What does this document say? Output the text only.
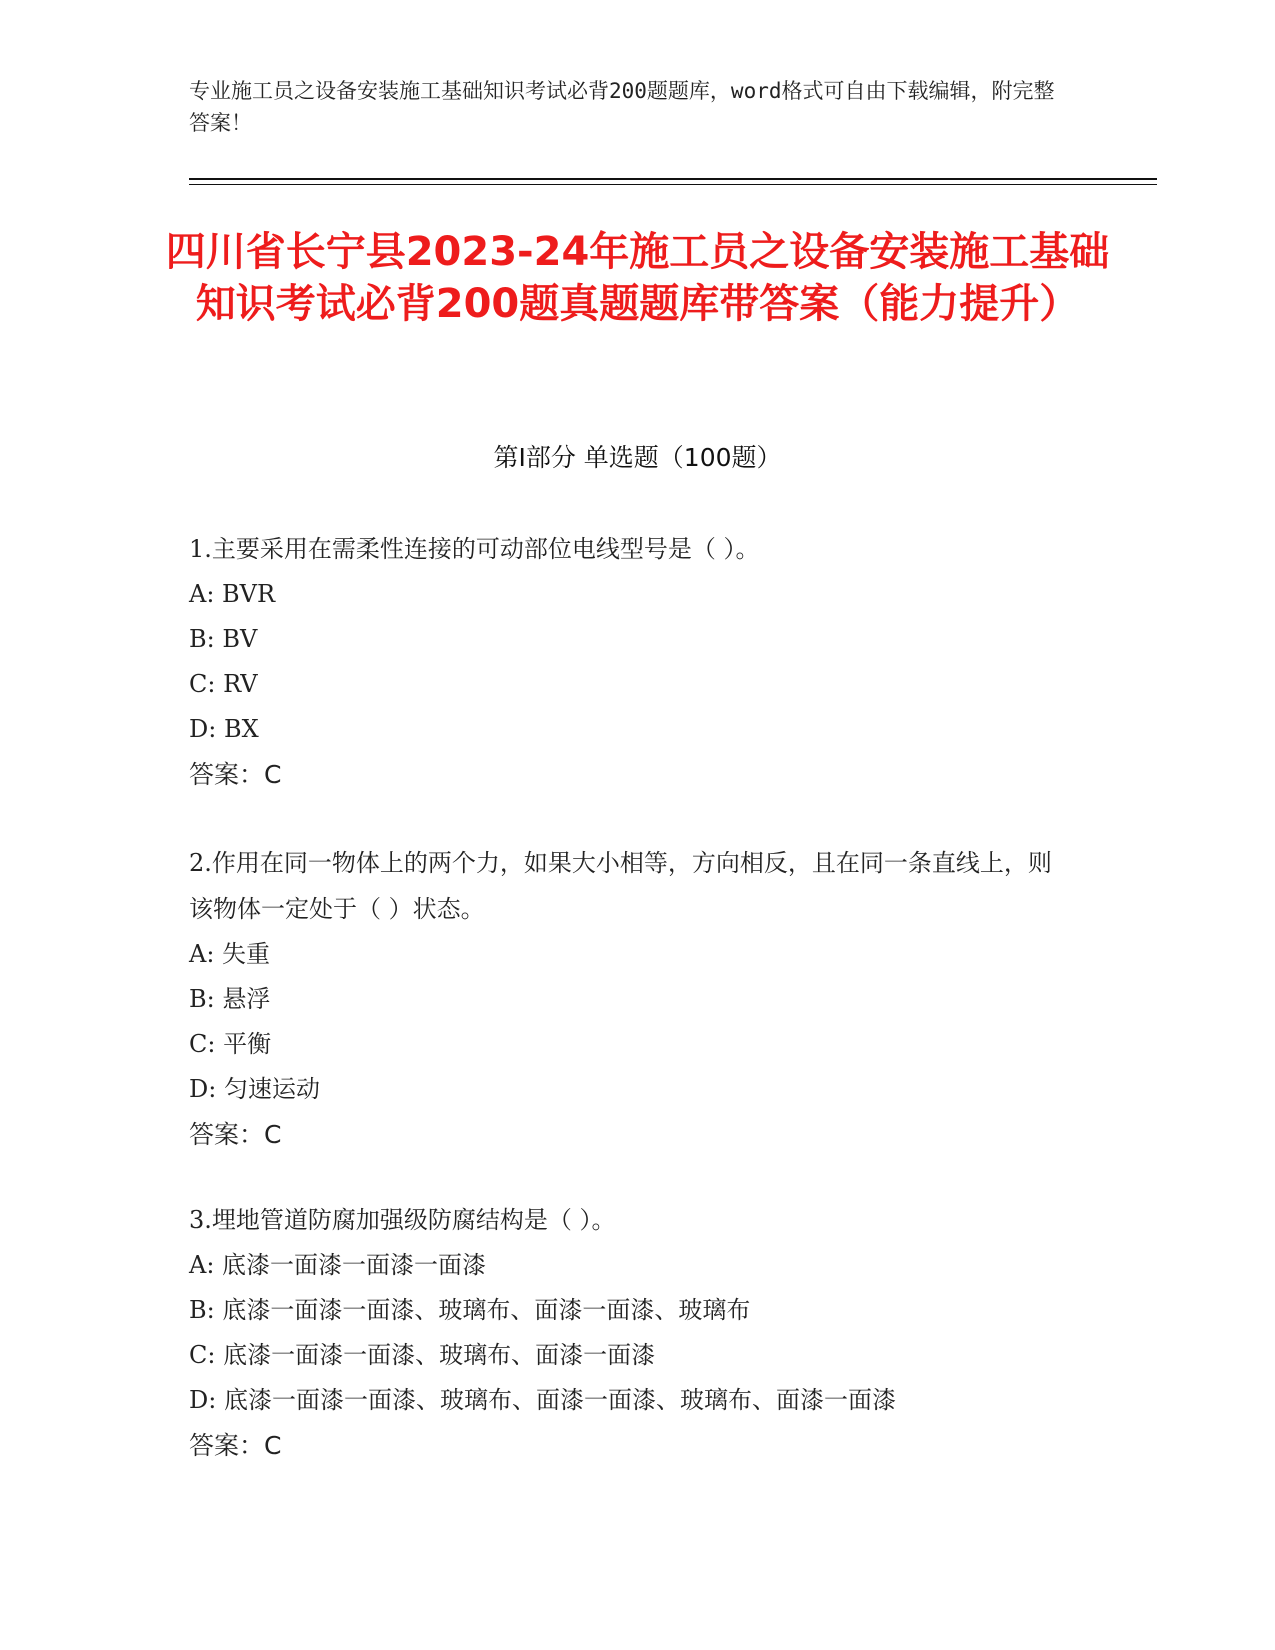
专业施工员之设备安装施工基础知识考试必背200题题库，word格式可自由下载编辑，附完整答案！
四川省长宁县2023-24年施工员之设备安装施工基础知识考试必背200题真题题库带答案（能力提升）
第Ⅰ部分 单选题（100题）

1.主要采用在需柔性连接的可动部位电线型号是（ ）。

A: BVR

B: BV

C: RV

D: BX

答案：C

2.作用在同一物体上的两个力，如果大小相等，方向相反，且在同一条直线上，则该物体一定处于（ ）状态。

A: 失重

B: 悬浮

C: 平衡

D: 匀速运动

答案：C

3.埋地管道防腐加强级防腐结构是（ ）。

A: 底漆一面漆一面漆一面漆

B: 底漆一面漆一面漆、玻璃布、面漆一面漆、玻璃布

C: 底漆一面漆一面漆、玻璃布、面漆一面漆

D: 底漆一面漆一面漆、玻璃布、面漆一面漆、玻璃布、面漆一面漆

答案：C
